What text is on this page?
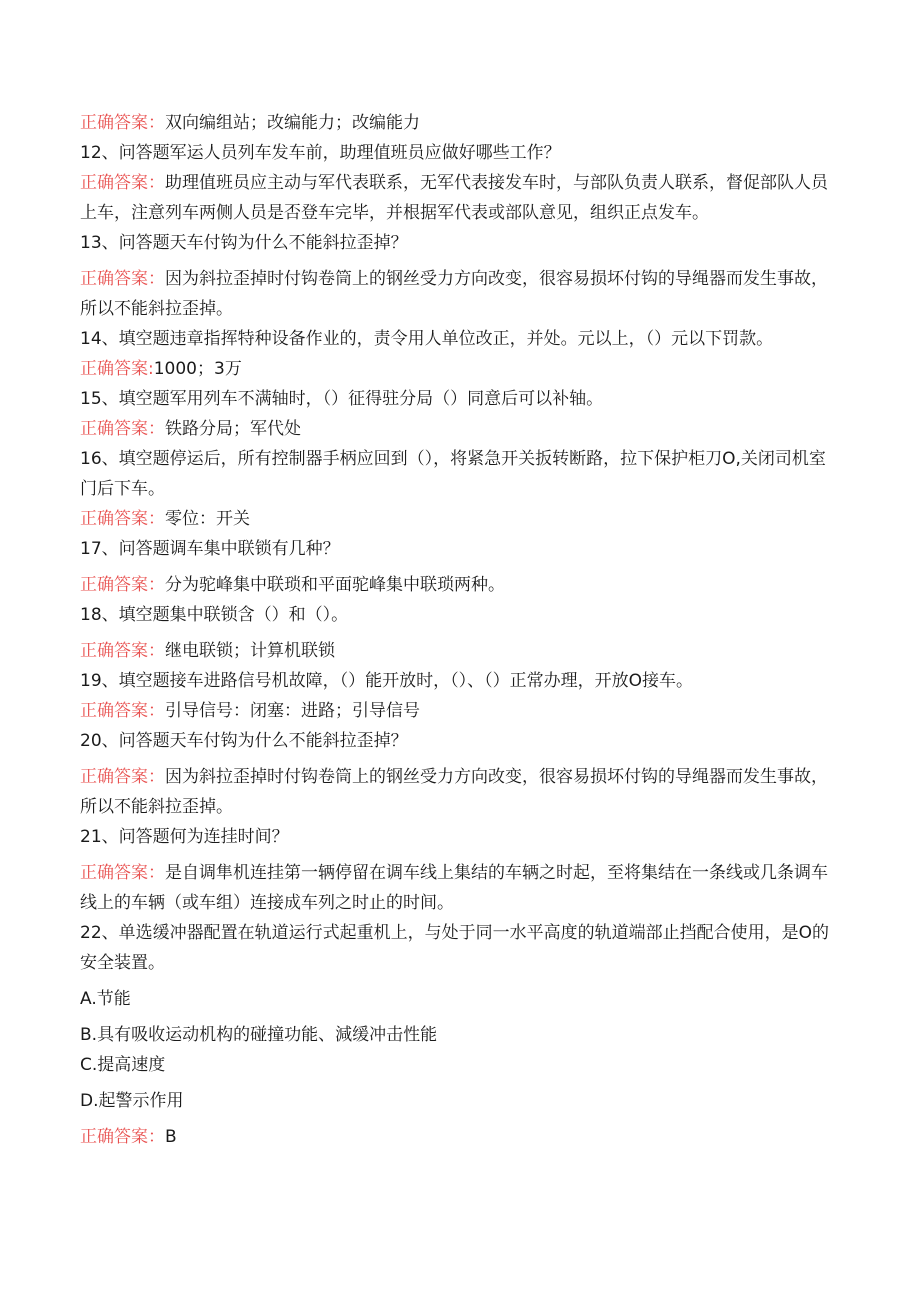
正确答案：双向编组站；改编能力；改编能力
12、问答题军运人员列车发车前，助理值班员应做好哪些工作？
正确答案：助理值班员应主动与军代表联系，无军代表接发车时，与部队负责人联系，督促部队人员上车，注意列车两侧人员是否登车完毕，并根据军代表或部队意见，组织正点发车。
13、问答题天车付钩为什么不能斜拉歪掉？
正确答案：因为斜拉歪掉时付钩卷筒上的钢丝受力方向改变，很容易损坏付钩的导绳器而发生事故，所以不能斜拉歪掉。
14、填空题违章指挥特种设备作业的，责令用人单位改正，并处。元以上，（）元以下罚款。
正确答案:1000；3万
15、填空题军用列车不满轴时，（）征得驻分局（）同意后可以补轴。
正确答案：铁路分局；军代处
16、填空题停运后，所有控制器手柄应回到（），将紧急开关扳转断路，拉下保护柜刀O,关闭司机室门后下车。
正确答案：零位：开关
17、问答题调车集中联锁有几种？
正确答案：分为驼峰集中联琐和平面驼峰集中联琐两种。
18、填空题集中联锁含（）和（）。
正确答案：继电联锁；计算机联锁
19、填空题接车进路信号机故障，（）能开放时，（）、（）正常办理，开放O接车。
正确答案：引导信号：闭塞：进路；引导信号
20、问答题天车付钩为什么不能斜拉歪掉？
正确答案：因为斜拉歪掉时付钩卷筒上的钢丝受力方向改变，很容易损坏付钩的导绳器而发生事故，所以不能斜拉歪掉。
21、问答题何为连挂时间？
正确答案：是自调隼机连挂第一辆停留在调车线上集结的车辆之时起，至将集结在一条线或几条调车线上的车辆（或车组）连接成车列之时止的时间。
22、单选缓冲器配置在轨道运行式起重机上，与处于同一水平高度的轨道端部止挡配合使用，是O的安全装置。
A.节能
B.具有吸收运动机构的碰撞功能、減缓冲击性能
C.提高速度
D.起警示作用
正确答案：B
